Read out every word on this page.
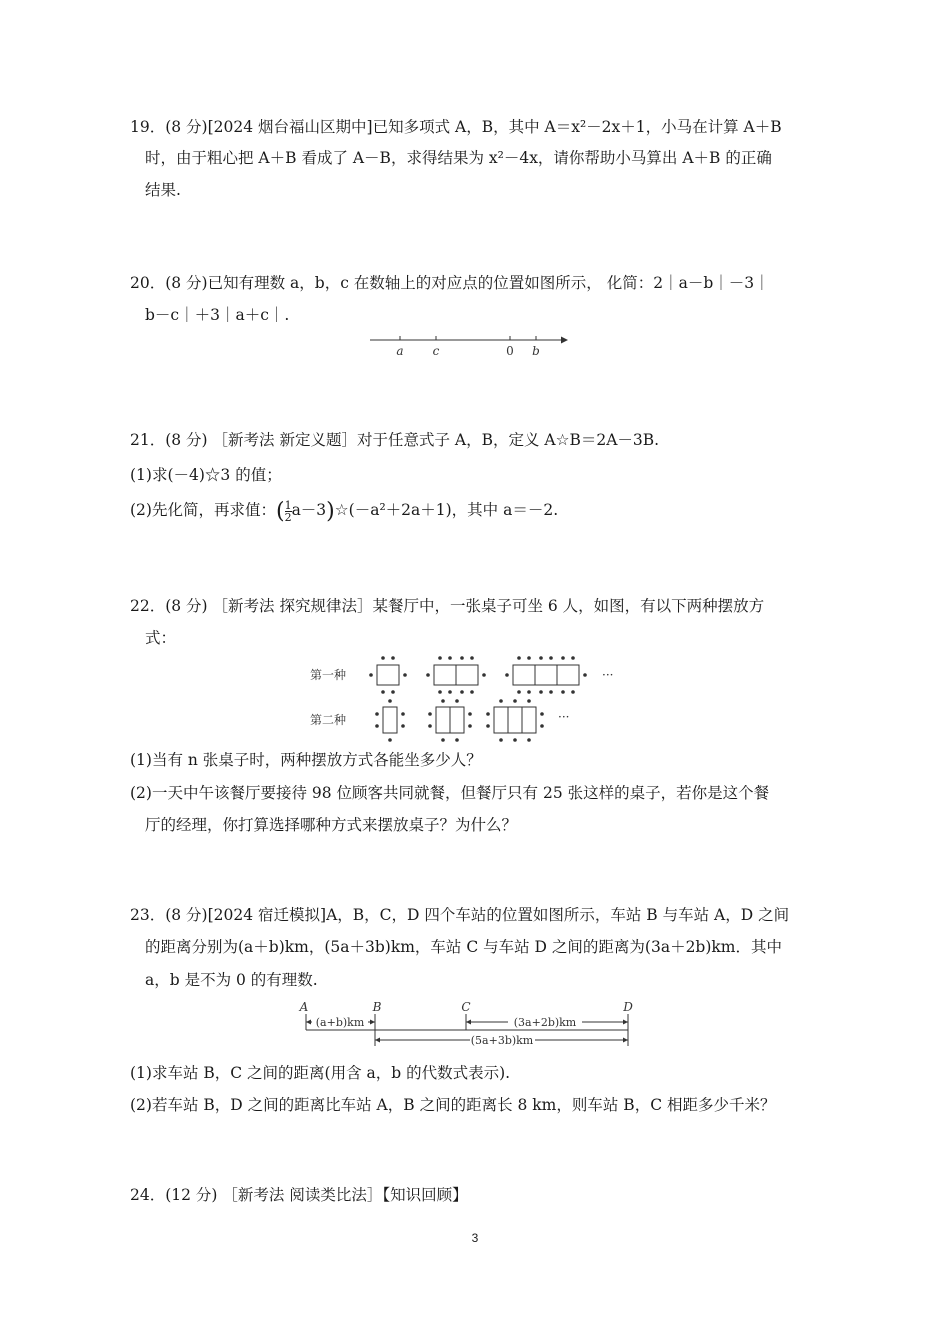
19．(8 分)[2024 烟台福山区期中]已知多项式 A，B，其中 A＝x²－2x＋1，小马在计算 A＋B
时，由于粗心把 A＋B 看成了 A－B，求得结果为 x²－4x，请你帮助小马算出 A＋B 的正确
结果.
20．(8 分)已知有理数 a，b，c 在数轴上的对应点的位置如图所示， 化简：2｜a－b｜－3｜
b－c｜＋3｜a＋c｜.
a c	0 b
21．(8 分) ［新考法 新定义题］对于任意式子 A，B，定义 A☆B＝2A－3B.
(1)求(－4)☆3 的值；
(2)先化简，再求值：( $\frac{1}{2}$ a－3)☆(－a²＋2a＋1)，其中 a＝－2.
22．(8 分) ［新考法 探究规律法］某餐厅中，一张桌子可坐 6 人，如图，有以下两种摆放方
式：
第一种
第二种
···
···
(1)当有 n 张桌子时，两种摆放方式各能坐多少人？
(2)一天中午该餐厅要接待 98 位顾客共同就餐，但餐厅只有 25 张这样的桌子，若你是这个餐
厅的经理，你打算选择哪种方式来摆放桌子？为什么？
23．(8 分)[2024 宿迁模拟]A，B，C，D 四个车站的位置如图所示，车站 B 与车站 A，D 之间
的距离分别为(a＋b)km，(5a＋3b)km，车站 C 与车站 D 之间的距离为(3a＋2b)km．其中
a，b 是不为 0 的有理数.
A	B	C	D
(a+b)km	(3a+2b)km
(5a+3b)km
(1)求车站 B，C 之间的距离(用含 a，b 的代数式表示).
(2)若车站 B，D 之间的距离比车站 A，B 之间的距离长 8 km，则车站 B，C 相距多少千米？
24．(12 分) ［新考法 阅读类比法］【知识回顾】
3
